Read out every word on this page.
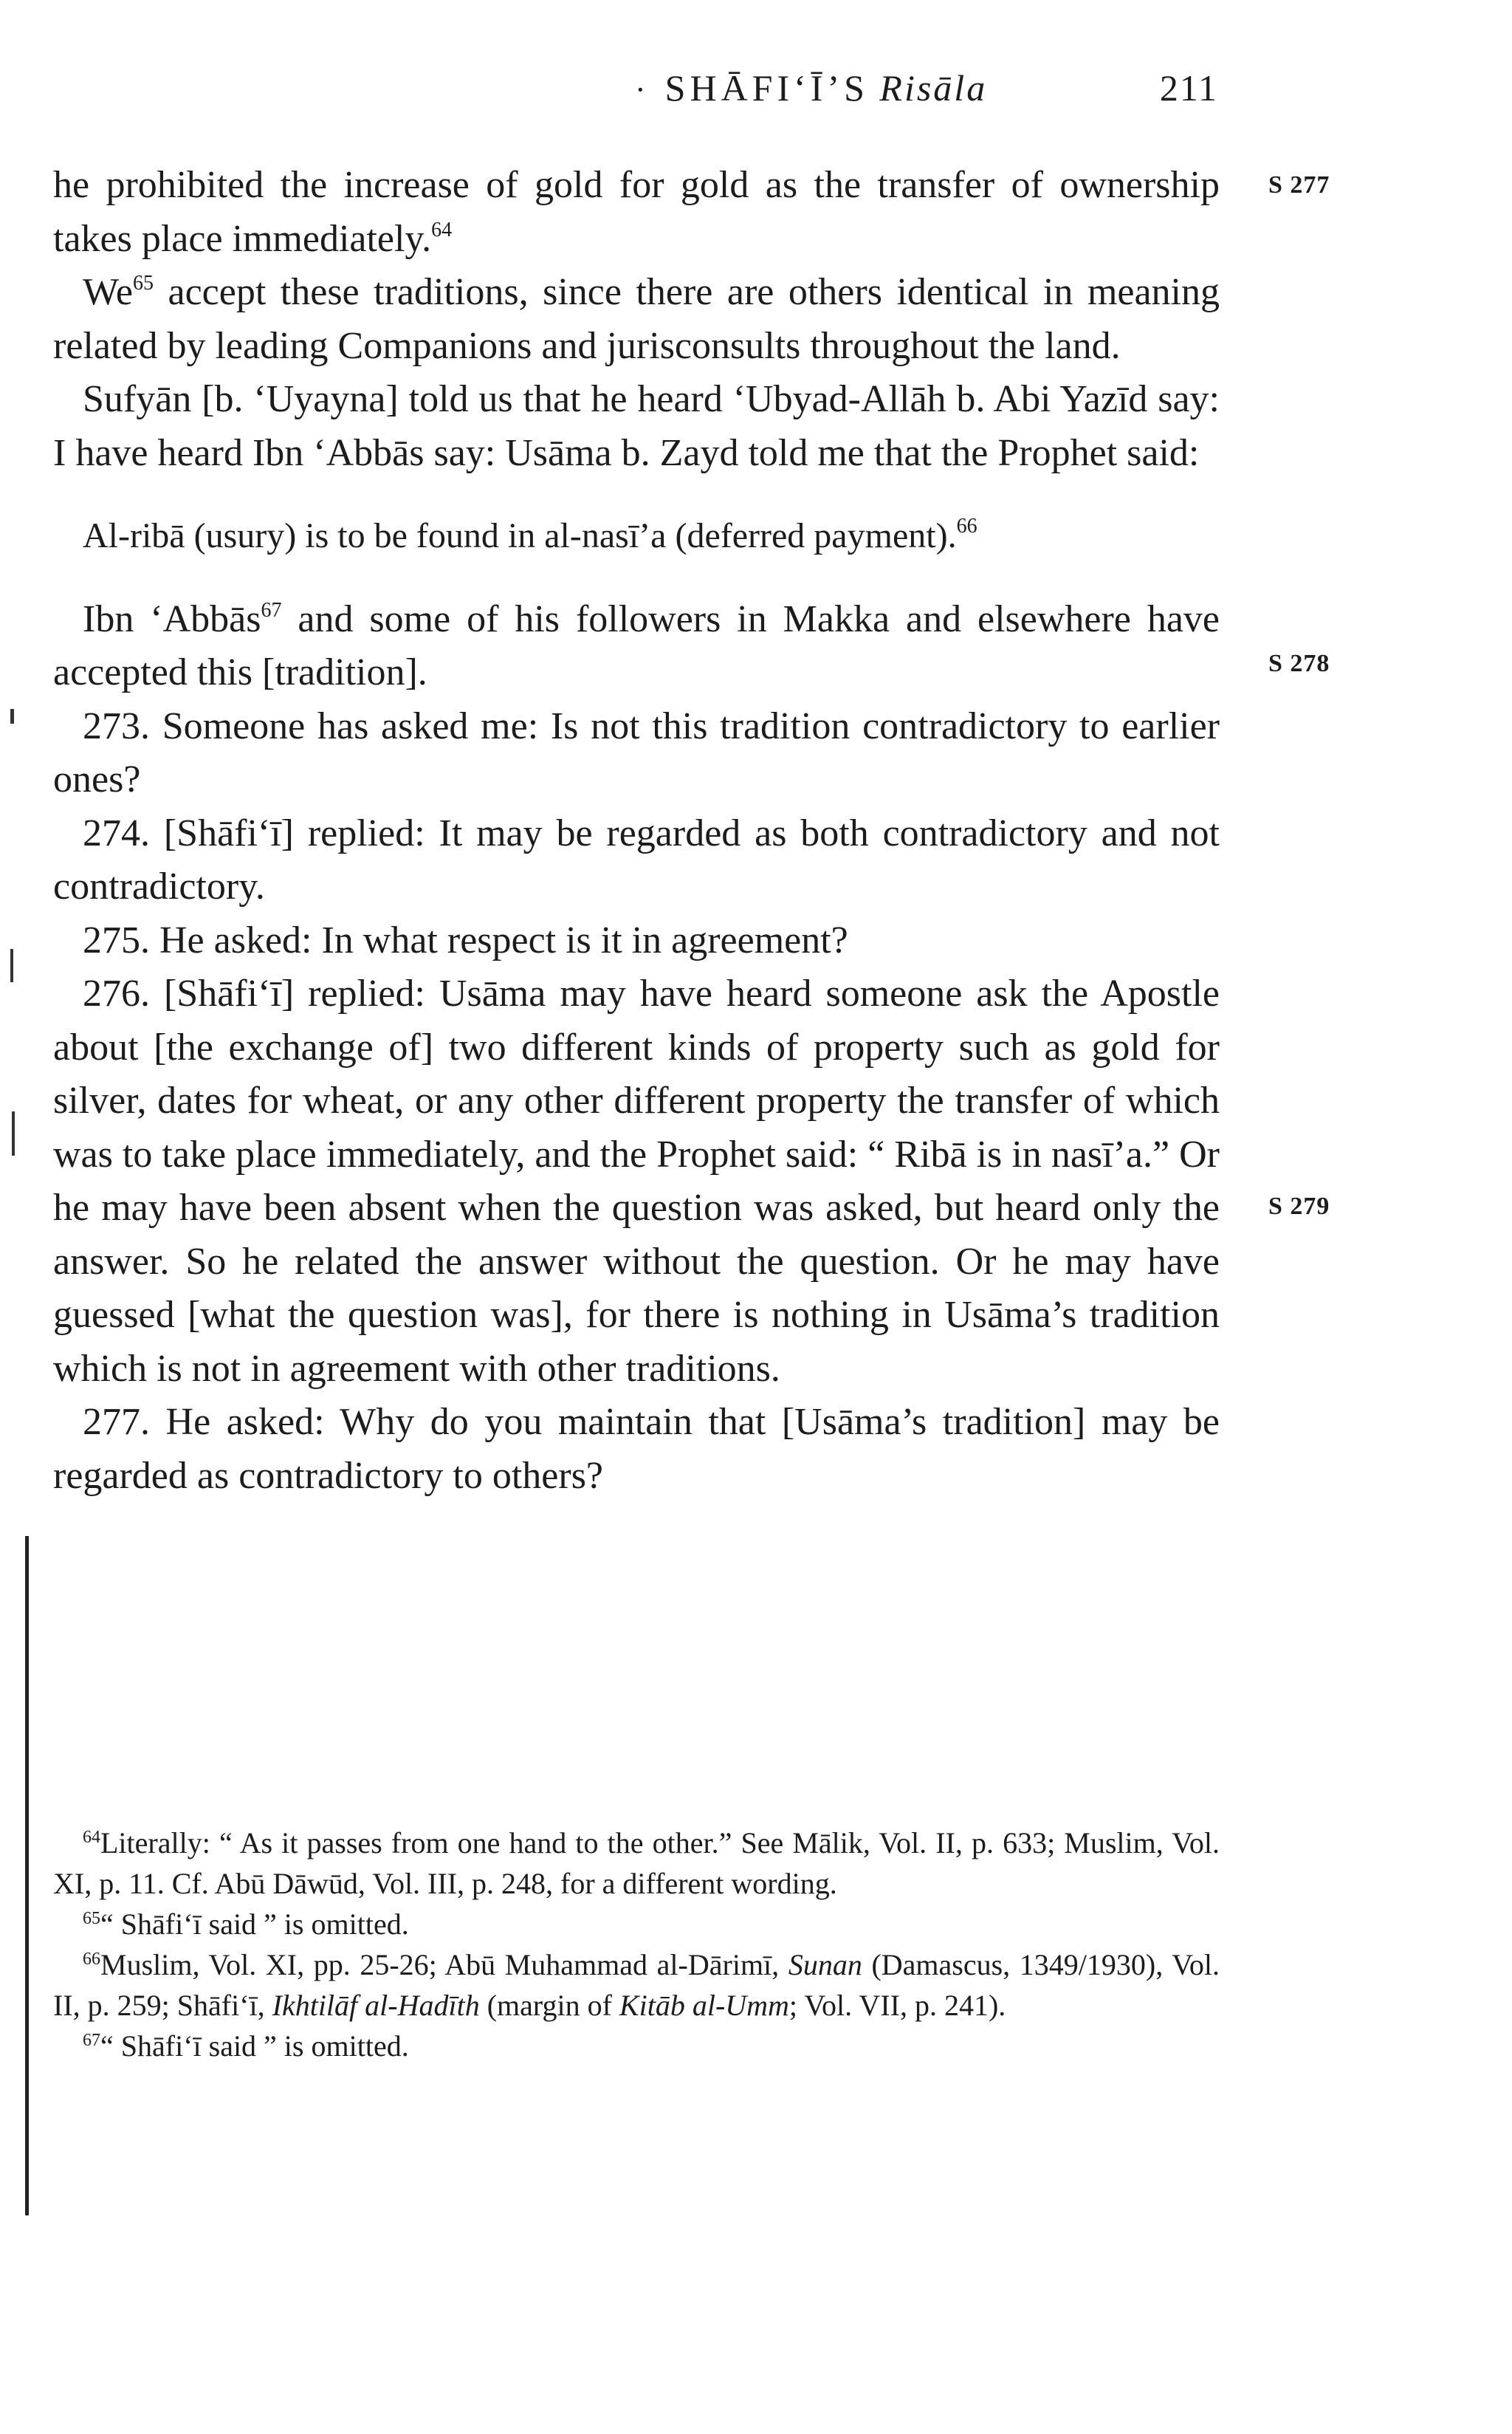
· SHĀFI‘Ī’S Risāla	211
S 277
S 278
S 279

he prohibited the increase of gold for gold as the transfer of ownership takes place immediately.$^{64}$

We$^{65}$ accept these traditions, since there are others identical in meaning related by leading Companions and jurisconsults throughout the land.

Sufyān [b. ‘Uyayna] told us that he heard ‘Ubyad-Allāh b. Abi Yazīd say: I have heard Ibn ‘Abbās say: Usāma b. Zayd told me that the Prophet said:

Al-ribā (usury) is to be found in al-nasī’a (deferred payment).$^{66}$

Ibn ‘Abbās$^{67}$ and some of his followers in Makka and elsewhere have accepted this [tradition].

273. Someone has asked me: Is not this tradition contradictory to earlier ones?

274. [Shāfi‘ī] replied: It may be regarded as both contradictory and not contradictory.

275. He asked: In what respect is it in agreement?

276. [Shāfi‘ī] replied: Usāma may have heard someone ask the Apostle about [the exchange of] two different kinds of property such as gold for silver, dates for wheat, or any other different property the transfer of which was to take place immediately, and the Prophet said: “ Ribā is in nasī’a.” Or he may have been absent when the question was asked, but heard only the answer. So he related the answer without the question. Or he may have guessed [what the question was], for there is nothing in Usāma’s tradition which is not in agreement with other traditions.

277. He asked: Why do you maintain that [Usāma’s tradition] may be regarded as contradictory to others?

$^{64}$Literally: “ As it passes from one hand to the other.” See Mālik, Vol. II, p. 633; Muslim, Vol. XI, p. 11. Cf. Abū Dāwūd, Vol. III, p. 248, for a different wording.

$^{65}$“ Shāfi‘ī said ” is omitted.

$^{66}$Muslim, Vol. XI, pp. 25-26; Abū Muhammad al-Dārimī, Sunan (Damascus, 1349/1930), Vol. II, p. 259; Shāfi‘ī, Ikhtilāf al-Hadīth (margin of Kitāb al-Umm; Vol. VII, p. 241).

$^{67}$“ Shāfi‘ī said ” is omitted.
